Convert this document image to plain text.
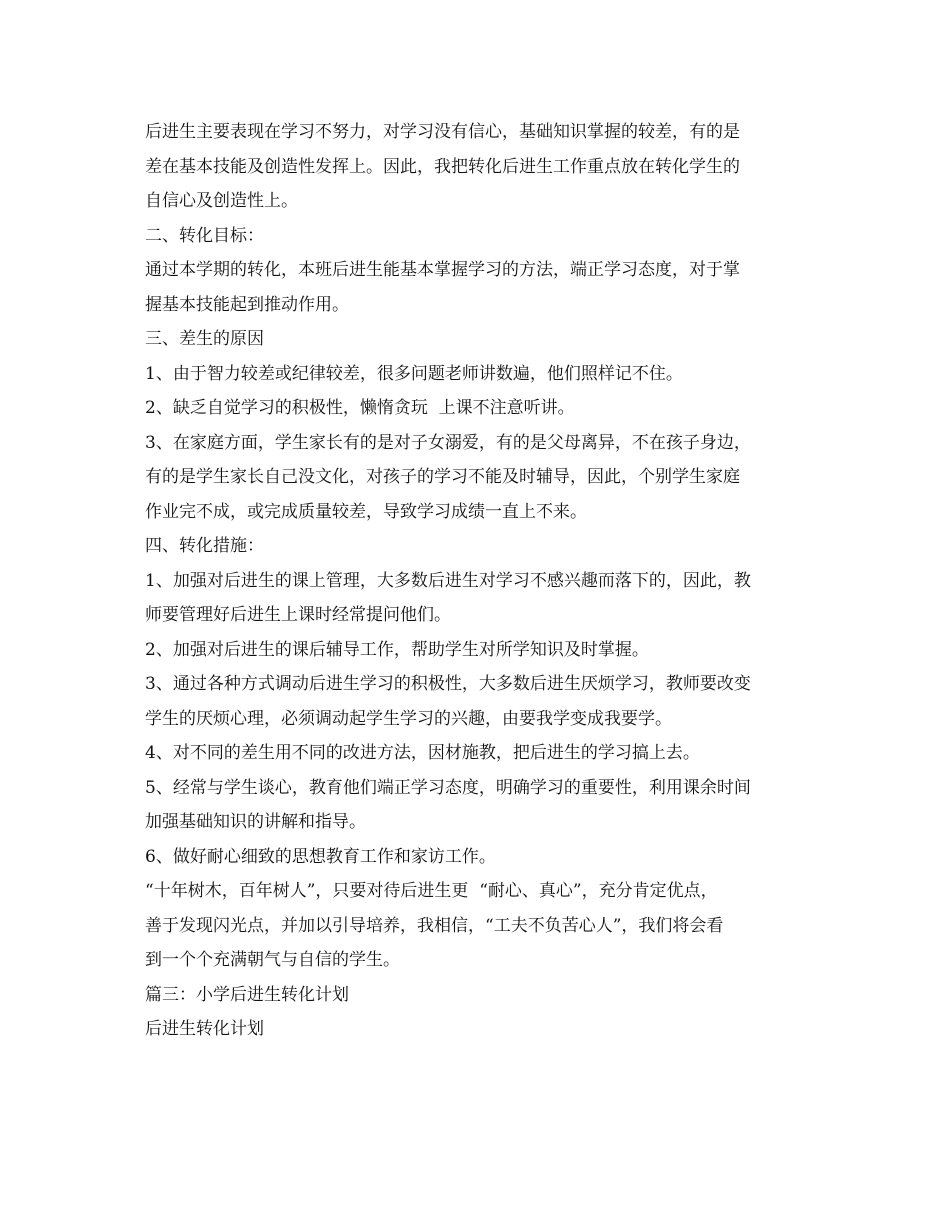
后进生主要表现在学习不努力，对学习没有信心，基础知识掌握的较差，有的是
差在基本技能及创造性发挥上。因此，我把转化后进生工作重点放在转化学生的
自信心及创造性上。
二、转化目标：
通过本学期的转化，本班后进生能基本掌握学习的方法，端正学习态度，对于掌
握基本技能起到推动作用。
三、差生的原因
1、由于智力较差或纪律较差，很多问题老师讲数遍，他们照样记不住。
2、缺乏自觉学习的积极性，懒惰贪玩  上课不注意听讲。
3、在家庭方面，学生家长有的是对子女溺爱，有的是父母离异，不在孩子身边，
有的是学生家长自己没文化，对孩子的学习不能及时辅导，因此，个别学生家庭
作业完不成，或完成质量较差，导致学习成绩一直上不来。
四、转化措施：
1、加强对后进生的课上管理，大多数后进生对学习不感兴趣而落下的，因此，教
师要管理好后进生上课时经常提问他们。
2、加强对后进生的课后辅导工作，帮助学生对所学知识及时掌握。
3、通过各种方式调动后进生学习的积极性，大多数后进生厌烦学习，教师要改变
学生的厌烦心理，必须调动起学生学习的兴趣，由要我学变成我要学。
4、对不同的差生用不同的改进方法，因材施教，把后进生的学习搞上去。
5、经常与学生谈心，教育他们端正学习态度，明确学习的重要性，利用课余时间
加强基础知识的讲解和指导。
6、做好耐心细致的思想教育工作和家访工作。
“十年树木，百年树人”，只要对待后进生更  “耐心、真心”，充分肯定优点，
善于发现闪光点，并加以引导培养，我相信，“工夫不负苦心人”，我们将会看
到一个个充满朝气与自信的学生。
篇三：小学后进生转化计划
后进生转化计划
